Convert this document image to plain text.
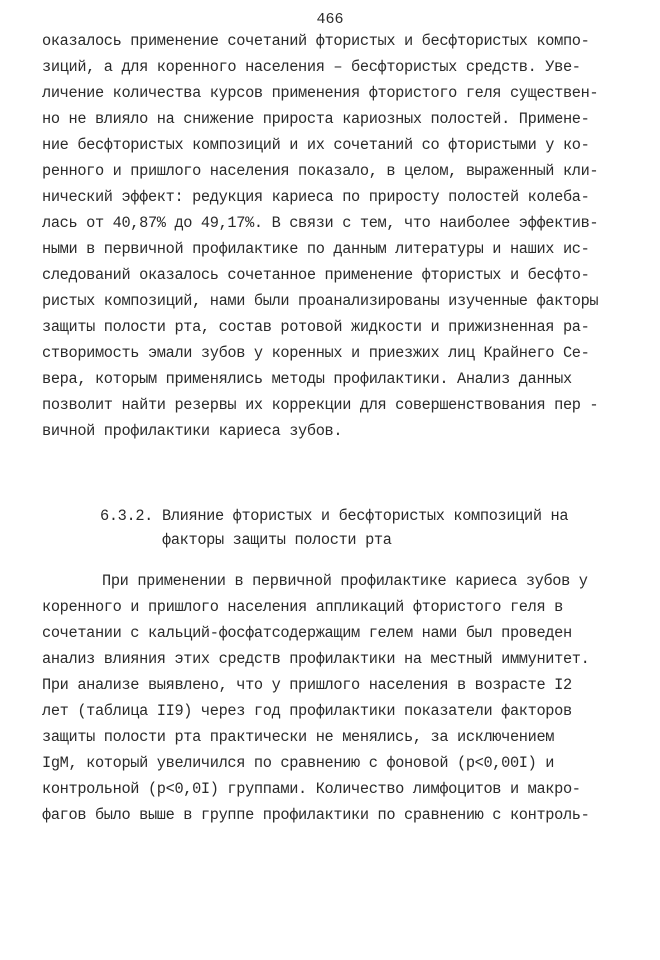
466
оказалось применение сочетаний фтористых и бесфтористых компо-
зиций, а для коренного населения – бесфтористых средств. Уве-
личение количества курсов применения фтористого геля существен-
но не влияло на снижение прироста кариозных полостей. Примене-
ние бесфтористых композиций и их сочетаний со фтористыми у ко-
ренного и пришлого населения показало, в целом, выраженный кли-
нический эффект: редукция кариеса по приросту полостей колеба-
лась от 40,87% до 49,17%. В связи с тем, что наиболее эффектив-
ными в первичной профилактике по данным литературы и наших ис-
следований оказалось сочетанное применение фтористых и бесфто-
ристых композиций, нами были проанализированы изученные факторы
защиты полости рта, состав ротовой жидкости и прижизненная ра-
створимость эмали зубов у коренных и приезжих лиц Крайнего Се-
вера, которым применялись методы профилактики. Анализ данных
позволит найти резервы их коррекции для совершенствования пер -
вичной профилактики кариеса зубов.
6.3.2. Влияние фтористых и бесфтористых композиций на
факторы защиты полости рта
При применении в первичной профилактике кариеса зубов у
коренного и пришлого населения аппликаций фтористого геля в
сочетании с кальций-фосфатсодержащим гелем нами был проведен
анализ влияния этих средств профилактики на местный иммунитет.
При анализе выявлено, что у пришлого населения в возрасте I2
лет (таблица II9) через год профилактики показатели факторов
защиты полости рта практически не менялись, за исключением
IgM, который увеличился по сравнению с фоновой (р<0,00I) и
контрольной (р<0,0I) группами. Количество лимфоцитов и макро-
фагов было выше в группе профилактики по сравнению с контроль-
